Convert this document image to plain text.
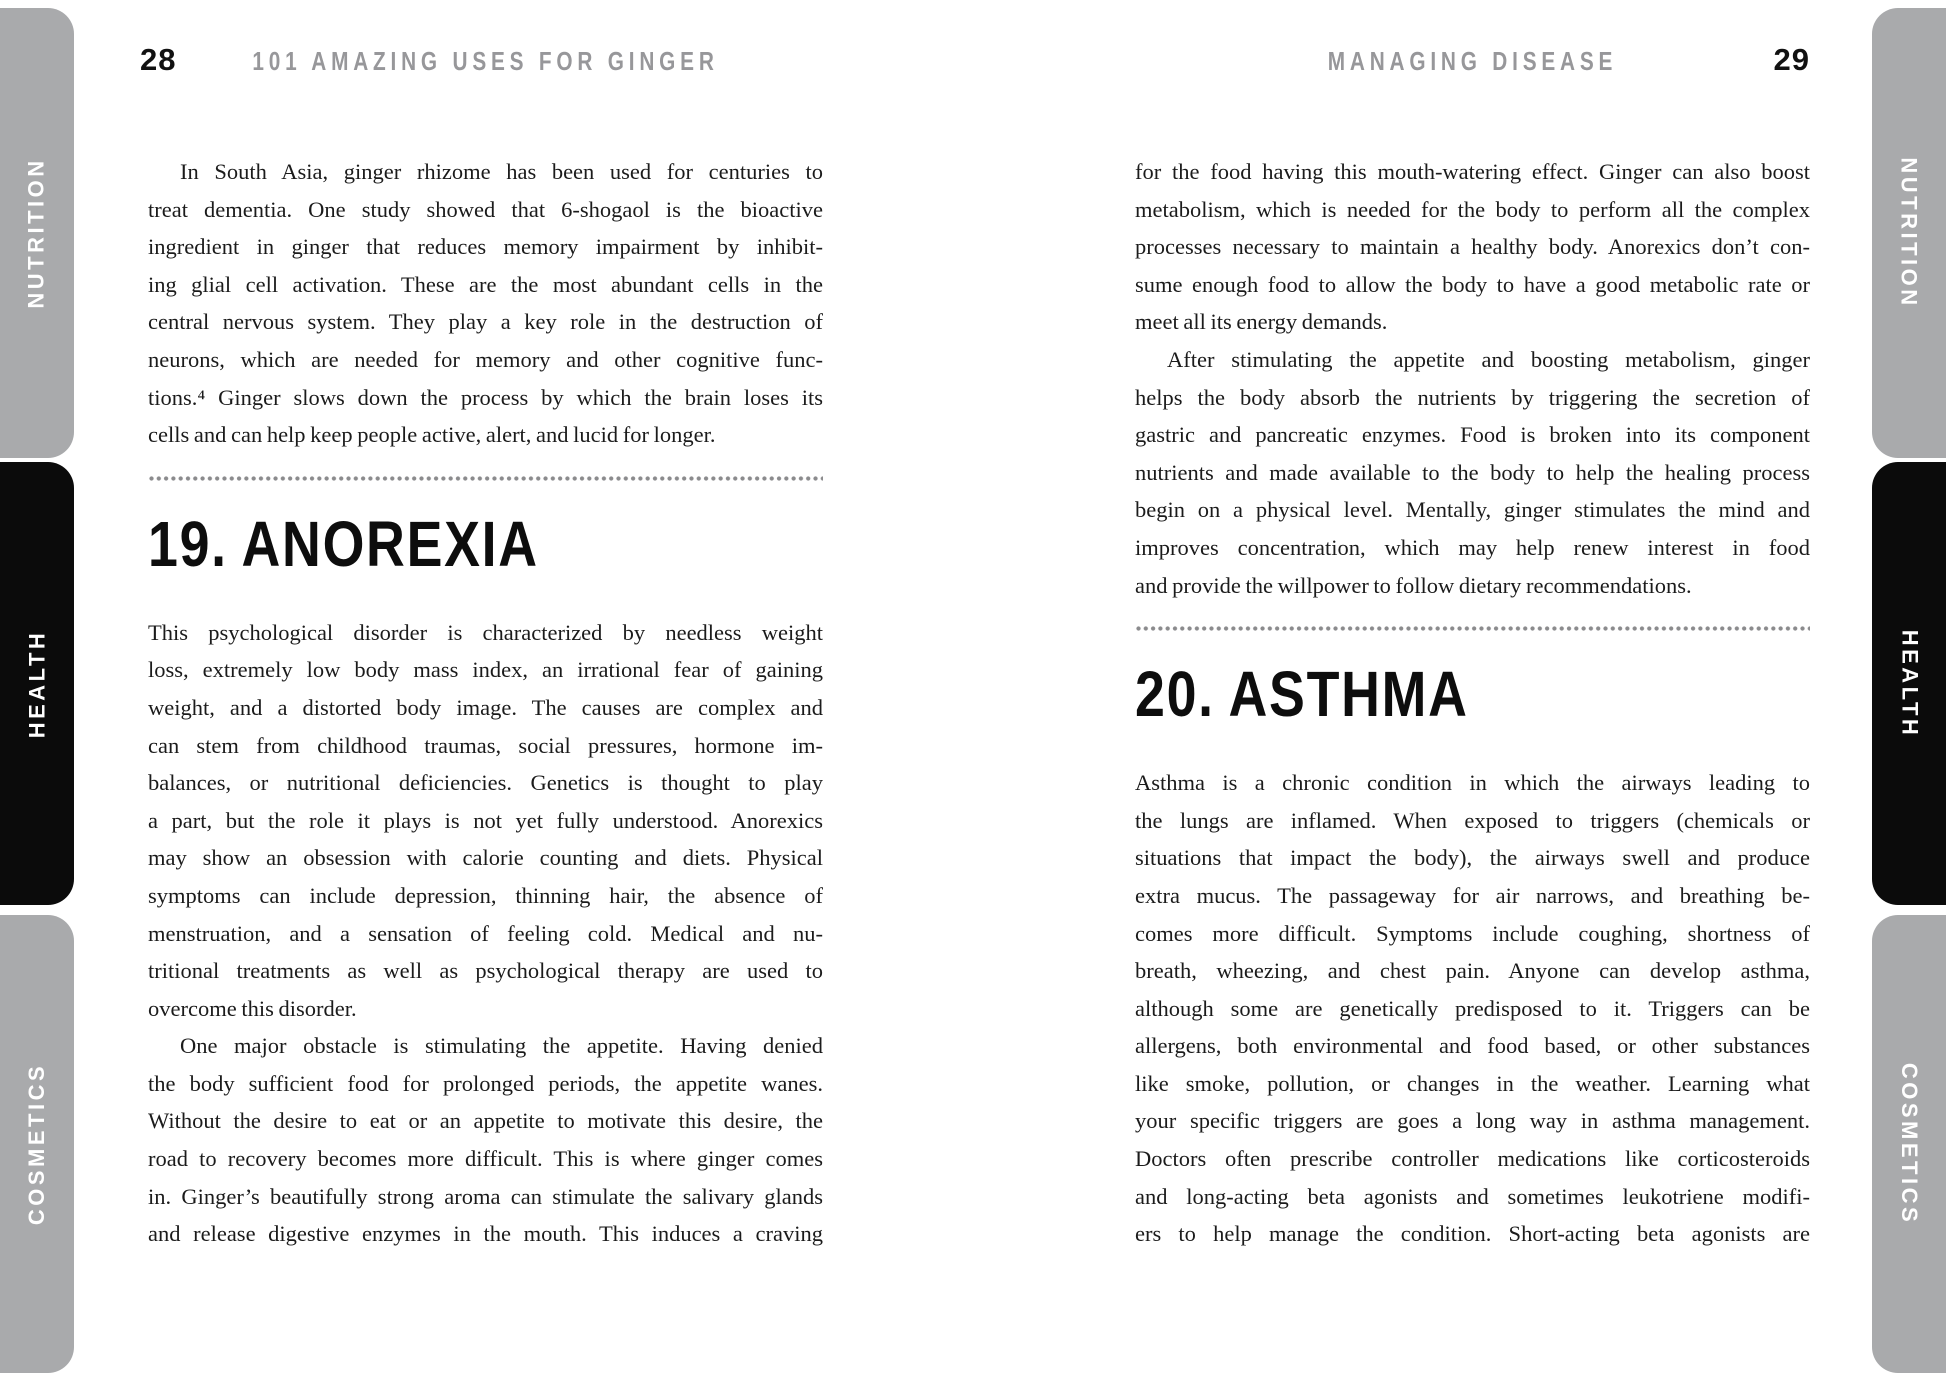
NUTRITION
HEALTH
COSMETICS
NUTRITION
HEALTH
COSMETICS
28	101 AMAZING USES FOR GINGER	MANAGING DISEASE	29
In South Asia, ginger rhizome has been used for centuries to
treat dementia. One study showed that 6-shogaol is the bioactive
ingredient in ginger that reduces memory impairment by inhibit-
ing glial cell activation. These are the most abundant cells in the
central nervous system. They play a key role in the destruction of
neurons, which are needed for memory and other cognitive func-
tions.⁴ Ginger slows down the process by which the brain loses its
cells and can help keep people active, alert, and lucid for longer.
19. ANOREXIA
This psychological disorder is characterized by needless weight
loss, extremely low body mass index, an irrational fear of gaining
weight, and a distorted body image. The causes are complex and
can stem from childhood traumas, social pressures, hormone im-
balances, or nutritional deficiencies. Genetics is thought to play
a part, but the role it plays is not yet fully understood. Anorexics
may show an obsession with calorie counting and diets. Physical
symptoms can include depression, thinning hair, the absence of
menstruation, and a sensation of feeling cold. Medical and nu-
tritional treatments as well as psychological therapy are used to
overcome this disorder.
One major obstacle is stimulating the appetite. Having denied
the body sufficient food for prolonged periods, the appetite wanes.
Without the desire to eat or an appetite to motivate this desire, the
road to recovery becomes more difficult. This is where ginger comes
in. Ginger’s beautifully strong aroma can stimulate the salivary glands
and release digestive enzymes in the mouth. This induces a craving
for the food having this mouth-watering effect. Ginger can also boost
metabolism, which is needed for the body to perform all the complex
processes necessary to maintain a healthy body. Anorexics don’t con-
sume enough food to allow the body to have a good metabolic rate or
meet all its energy demands.
After stimulating the appetite and boosting metabolism, ginger
helps the body absorb the nutrients by triggering the secretion of
gastric and pancreatic enzymes. Food is broken into its component
nutrients and made available to the body to help the healing process
begin on a physical level. Mentally, ginger stimulates the mind and
improves concentration, which may help renew interest in food
and provide the willpower to follow dietary recommendations.
20. ASTHMA
Asthma is a chronic condition in which the airways leading to
the lungs are inflamed. When exposed to triggers (chemicals or
situations that impact the body), the airways swell and produce
extra mucus. The passageway for air narrows, and breathing be-
comes more difficult. Symptoms include coughing, shortness of
breath, wheezing, and chest pain. Anyone can develop asthma,
although some are genetically predisposed to it. Triggers can be
allergens, both environmental and food based, or other substances
like smoke, pollution, or changes in the weather. Learning what
your specific triggers are goes a long way in asthma management.
Doctors often prescribe controller medications like corticosteroids
and long-acting beta agonists and sometimes leukotriene modifi-
ers to help manage the condition. Short-acting beta agonists are
